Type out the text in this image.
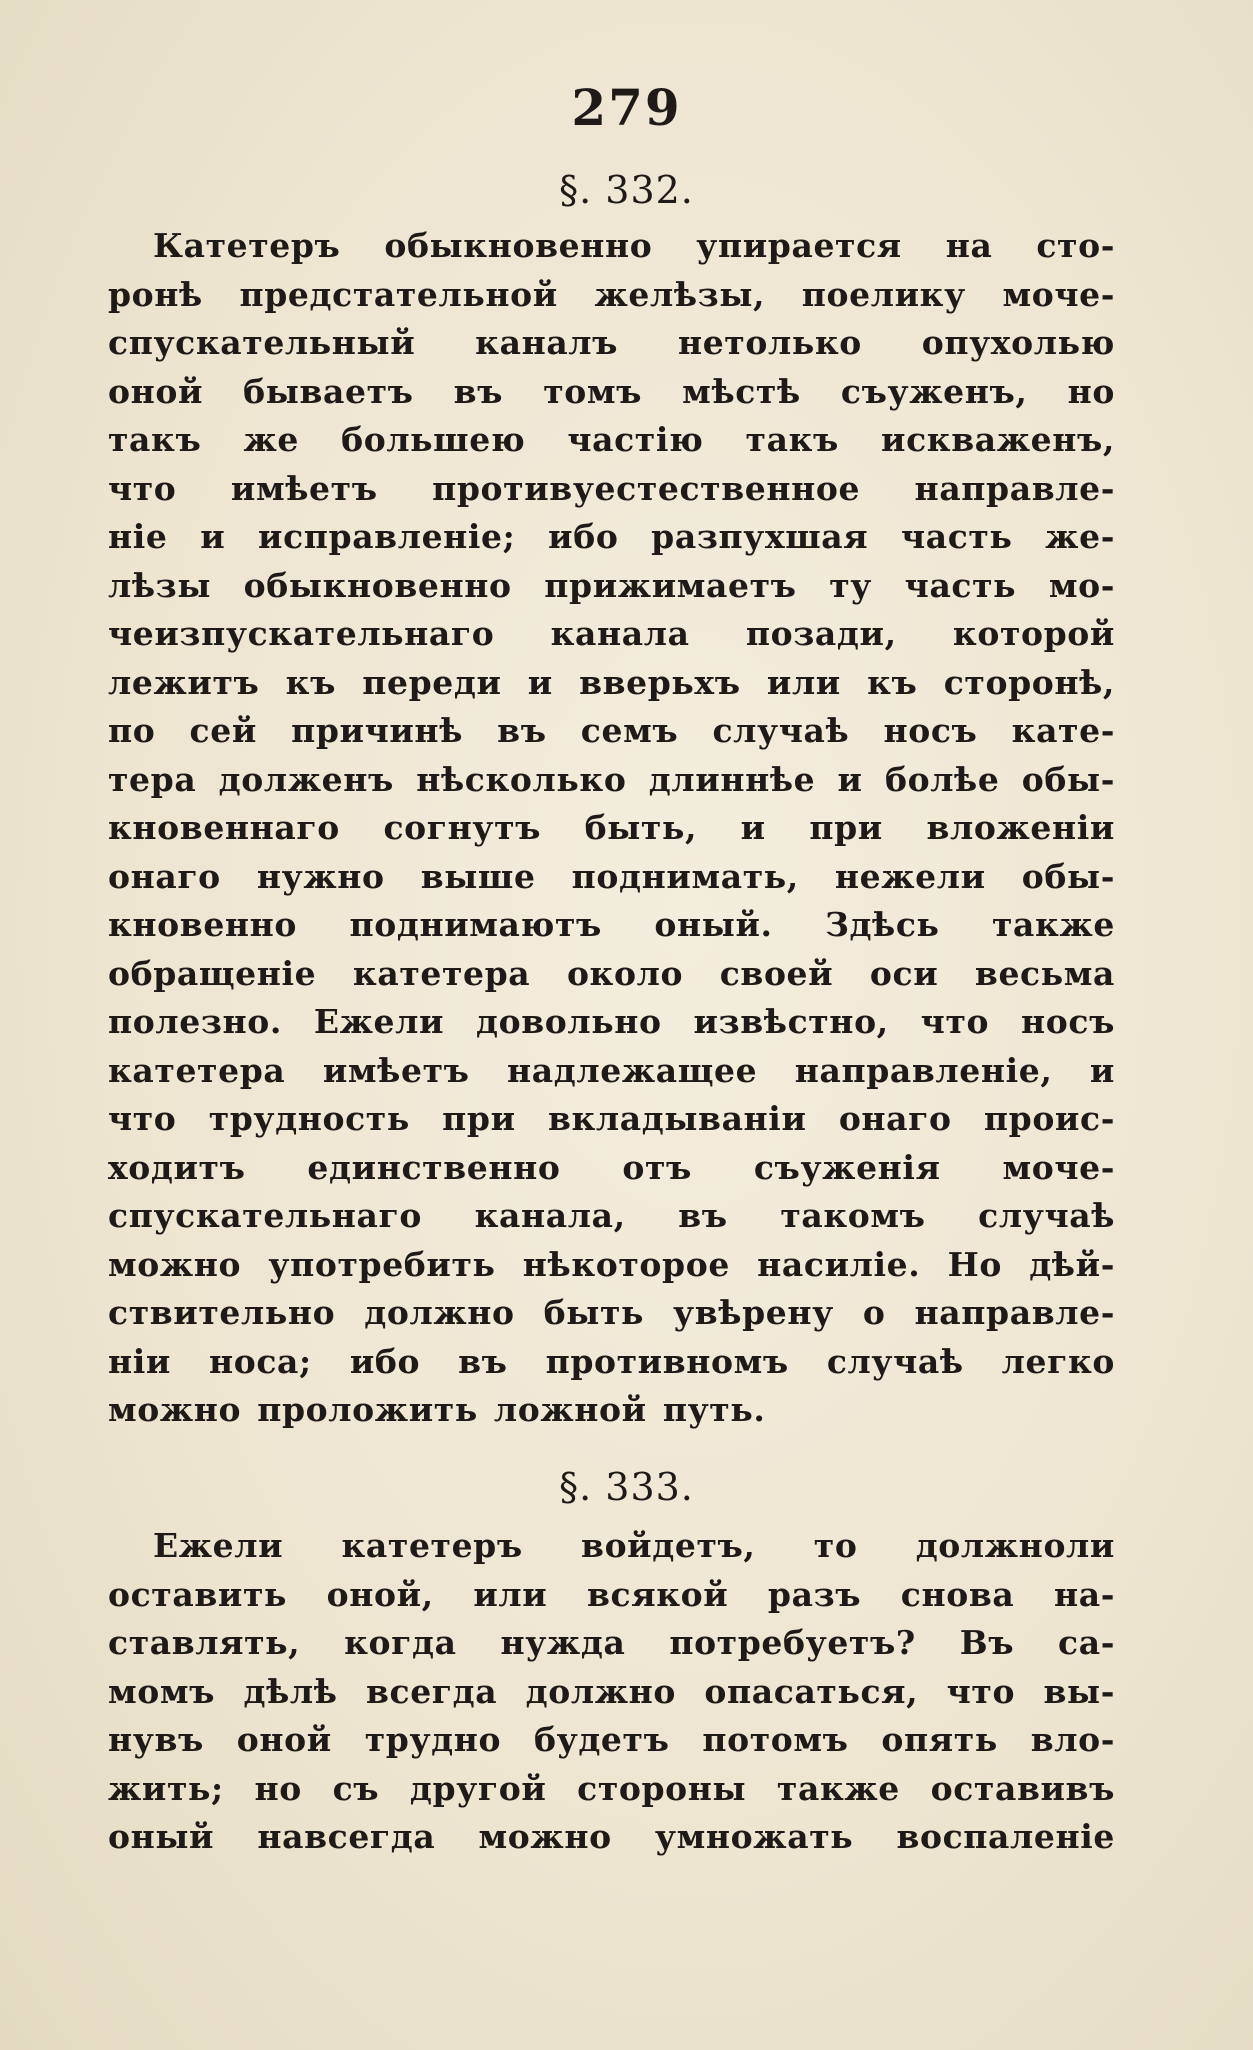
279
§. 332.
Катетеръ обыкновенно упирается на сто-
ронѣ предстательной желѣзы, поелику моче-
спускательный каналъ нетолько опухолью
оной бываетъ въ томъ мѣстѣ съуженъ, но
такъ же большею частію такъ исквaженъ,
что имѣетъ противуестественное направле-
ніе и исправленіе; ибо разпухшая часть же-
лѣзы обыкновенно прижимаетъ ту часть мо-
чеизпускательнаго канала позади, которой
лежитъ къ переди и вверьхъ или къ сторонѣ,
по сей причинѣ въ семъ случаѣ носъ кате-
тера долженъ нѣсколько длиннѣе и болѣе обы-
кновеннаго согнутъ быть, и при вложеніи
онаго нужно выше поднимать, нежели обы-
кновенно поднимаютъ оный. Здѣсь также
обращеніе катетера около своей оси весьма
полезно. Ежели довольно извѣстно, что носъ
катетера имѣетъ надлежащее направленіе, и
что трудность при вкладываніи онаго проис-
ходитъ единственно отъ съуженія моче-
спускательнаго канала, въ такомъ случаѣ
можно употребить нѣкоторое насиліе. Но дѣй-
ствительно должно быть увѣрену о направле-
ніи носа; ибо въ противномъ случаѣ легко
можно проложить ложной путь.
§. 333.
Ежели катетеръ войдетъ, то должноли
оставить оной, или всякой разъ снова на-
ставлять, когда нужда потребуетъ? Въ са-
момъ дѣлѣ всегда должно опасаться, что вы-
нувъ оной трудно будетъ потомъ опять вло-
жить; но съ другой стороны также оставивъ
оный навсегда можно умножать воспаленіе
